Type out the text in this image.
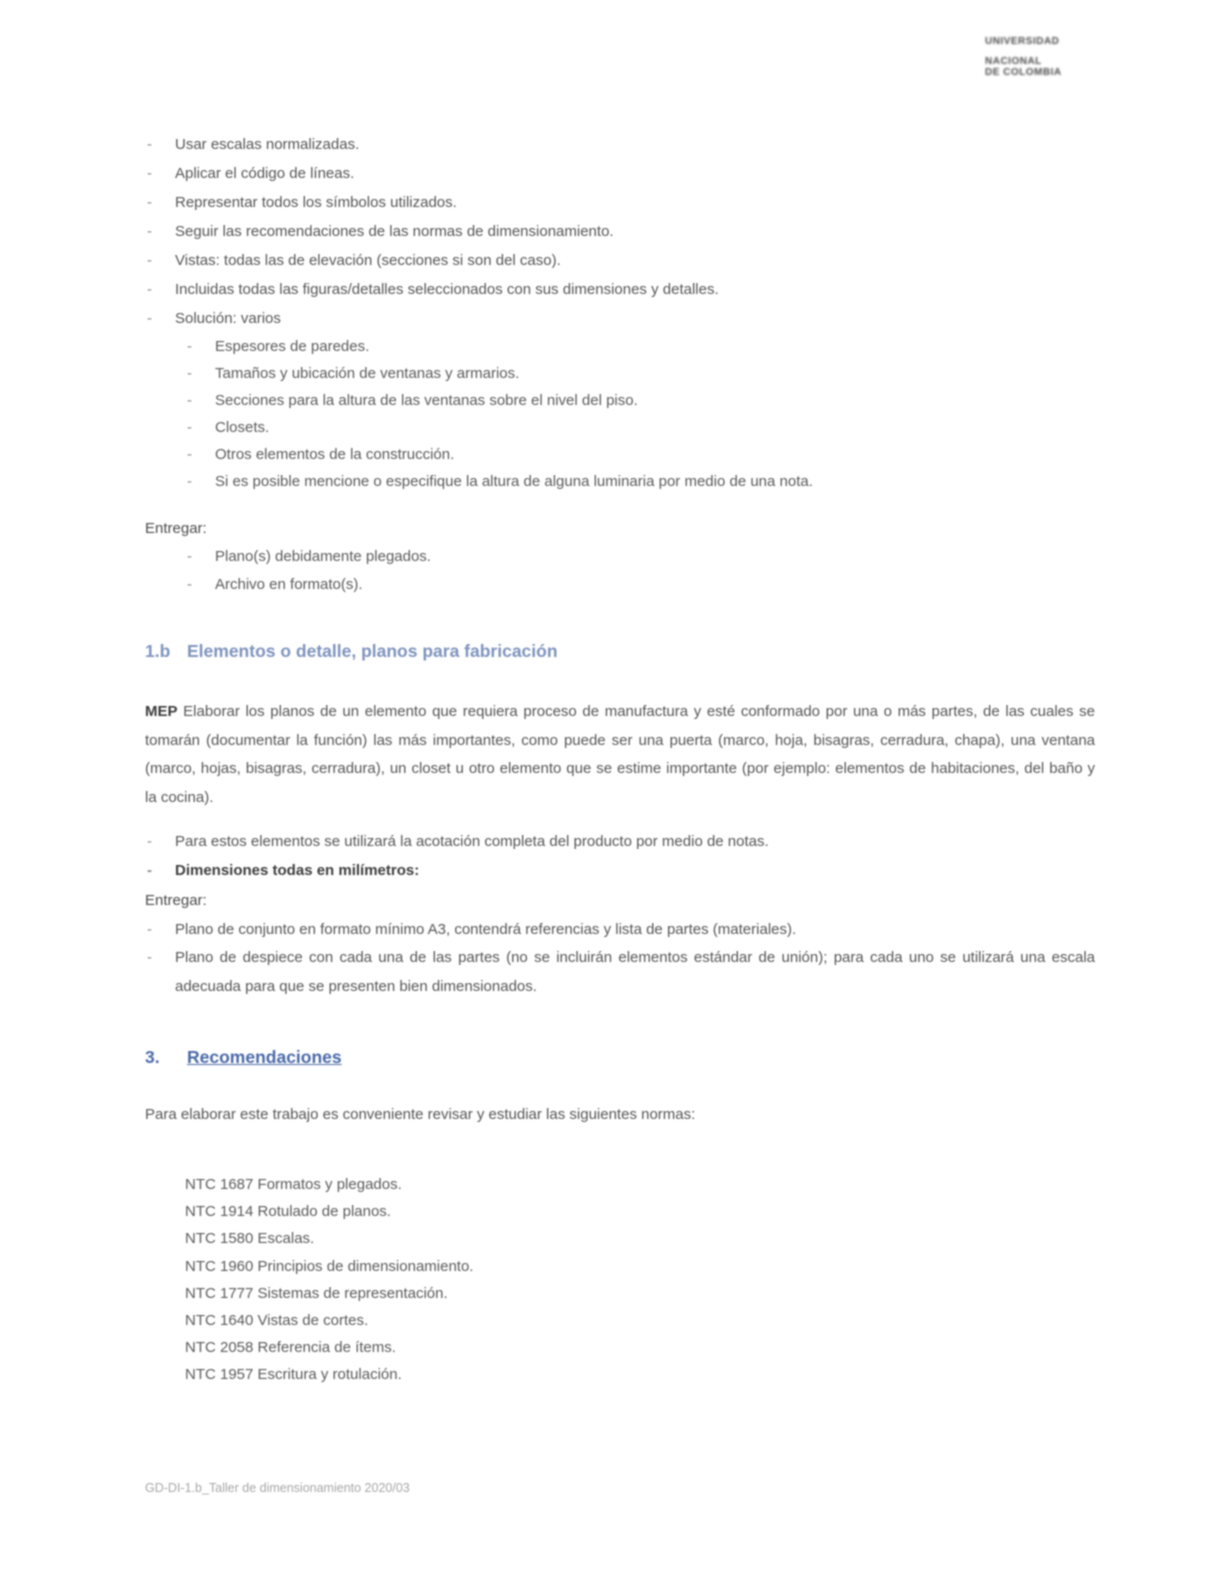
UNIVERSIDAD
NACIONAL
DE COLOMBIA
- Usar escalas normalizadas.
- Aplicar el código de líneas.
- Representar todos los símbolos utilizados.
- Seguir las recomendaciones de las normas de dimensionamiento.
- Vistas: todas las de elevación (secciones si son del caso).
- Incluidas todas las figuras/detalles seleccionados con sus dimensiones y detalles.
- Solución: varios
- Espesores de paredes.
- Tamaños y ubicación de ventanas y armarios.
- Secciones para la altura de las ventanas sobre el nivel del piso.
- Closets.
- Otros elementos de la construcción.
- Si es posible mencione o especifique la altura de alguna luminaria por medio de una nota.
Entregar:
- Plano(s) debidamente plegados.
- Archivo en formato(s).
1.b Elementos o detalle, planos para fabricación

MEP Elaborar los planos de un elemento que requiera proceso de manufactura y esté conformado por una o más partes, de las cuales se tomarán (documentar la función) las más importantes, como puede ser una puerta (marco, hoja, bisagras, cerradura, chapa), una ventana (marco, hojas, bisagras, cerradura), un closet u otro elemento que se estime importante (por ejemplo: elementos de habitaciones, del baño y la cocina).

- Para estos elementos se utilizará la acotación completa del producto por medio de notas.
- Dimensiones todas en milímetros:
Entregar:
- Plano de conjunto en formato mínimo A3, contendrá referencias y lista de partes (materiales).
- Plano de despiece con cada una de las partes (no se incluirán elementos estándar de unión); para cada uno se utilizará una escala adecuada para que se presenten bien dimensionados.
3. Recomendaciones

Para elaborar este trabajo es conveniente revisar y estudiar las siguientes normas:

NTC 1687 Formatos y plegados.
NTC 1914 Rotulado de planos.
NTC 1580 Escalas.
NTC 1960 Principios de dimensionamiento.
NTC 1777 Sistemas de representación.
NTC 1640 Vistas de cortes.
NTC 2058 Referencia de ítems.
NTC 1957 Escritura y rotulación.
GD-DI-1.b_Taller de dimensionamiento 2020/03
